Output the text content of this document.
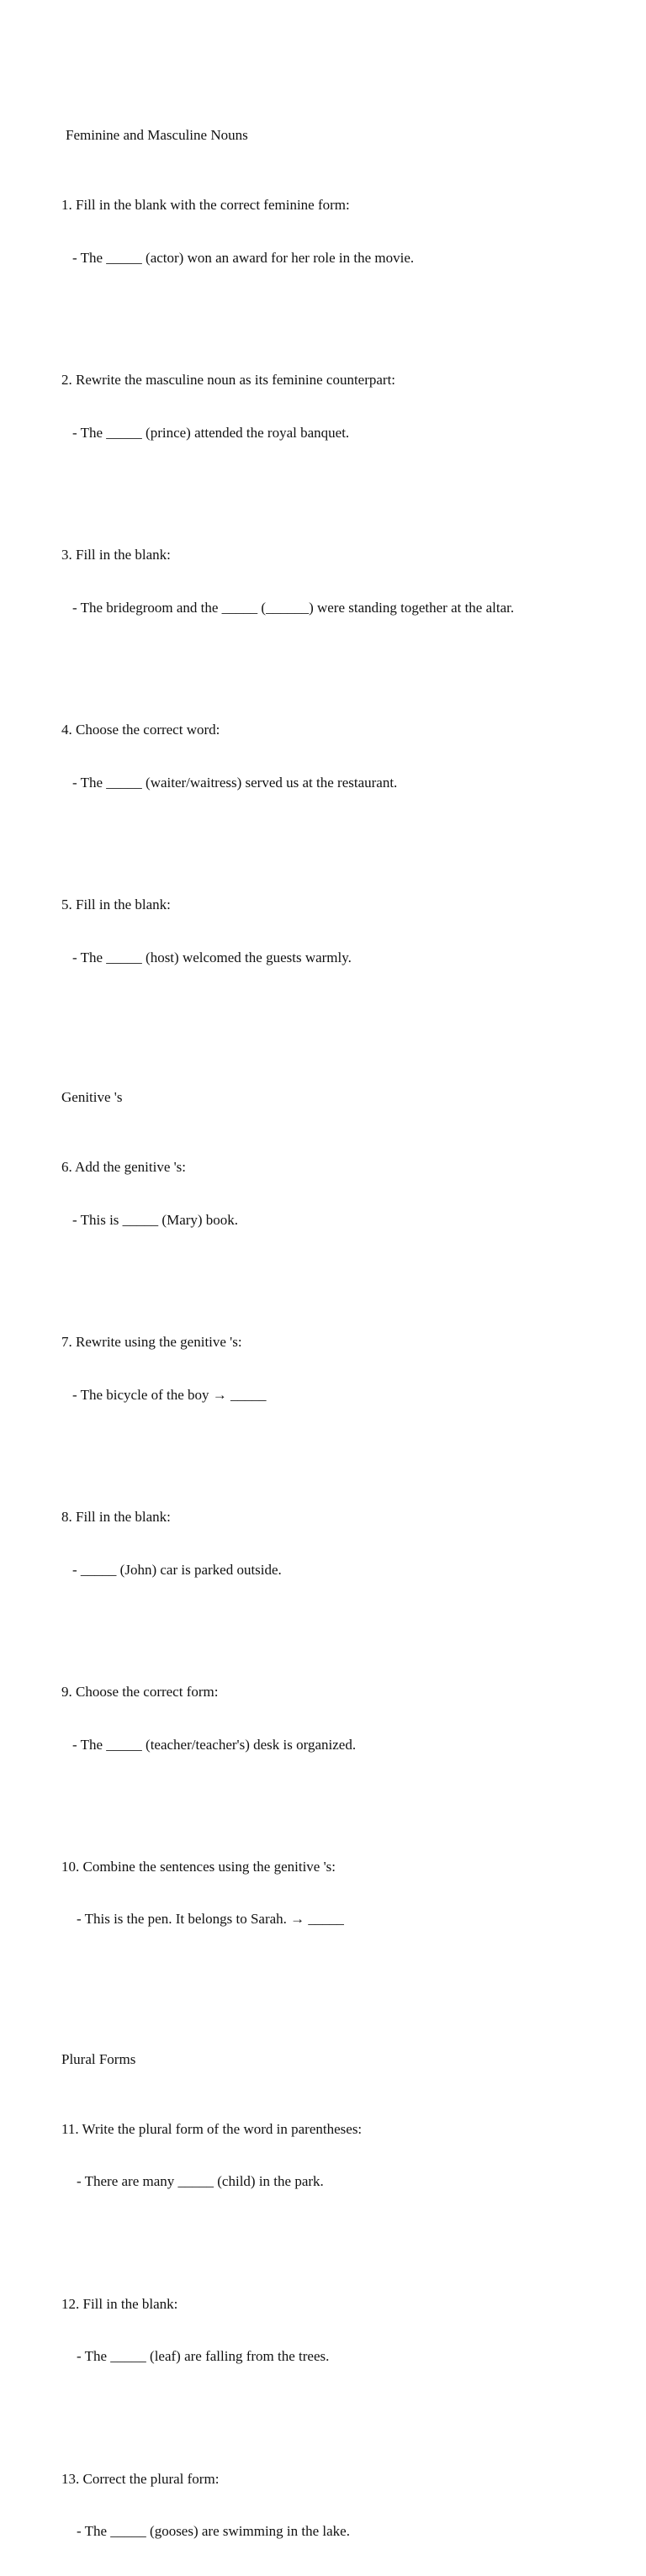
Feminine and Masculine Nouns

1. Fill in the blank with the correct feminine form:

- The _____ (actor) won an award for her role in the movie.

2. Rewrite the masculine noun as its feminine counterpart:

- The _____ (prince) attended the royal banquet.

3. Fill in the blank:

- The bridegroom and the _____ (______) were standing together at the altar.

4. Choose the correct word:

- The _____ (waiter/waitress) served us at the restaurant.

5. Fill in the blank:

- The _____ (host) welcomed the guests warmly.

Genitive 's

6. Add the genitive 's:

- This is _____ (Mary) book.

7. Rewrite using the genitive 's:

- The bicycle of the boy → _____

8. Fill in the blank:

- _____ (John) car is parked outside.

9. Choose the correct form:

- The _____ (teacher/teacher's) desk is organized.

10. Combine the sentences using the genitive 's:

- This is the pen. It belongs to Sarah. → _____

Plural Forms

11. Write the plural form of the word in parentheses:

- There are many _____ (child) in the park.

12. Fill in the blank:

- The _____ (leaf) are falling from the trees.

13. Correct the plural form:

- The _____ (gooses) are swimming in the lake.
